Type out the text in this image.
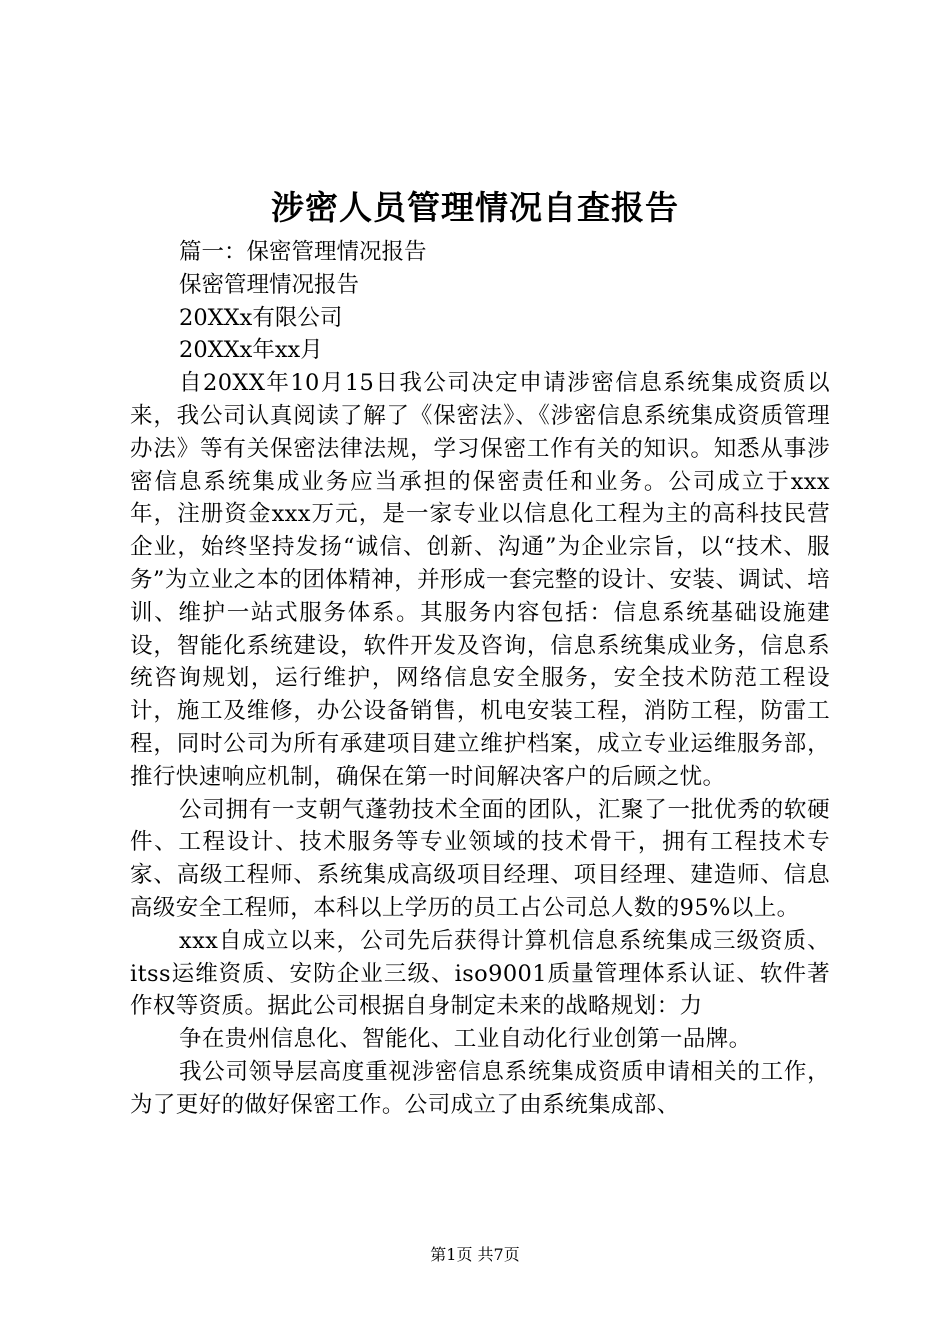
涉密人员管理情况自查报告

篇一：保密管理情况报告

保密管理情况报告

20XXx有限公司

20XXx年xx月

自20XX年10月15日我公司决定申请涉密信息系统集成资质以来，我公司认真阅读了解了《保密法》、《涉密信息系统集成资质管理办法》等有关保密法律法规，学习保密工作有关的知识。知悉从事涉密信息系统集成业务应当承担的保密责任和业务。公司成立于xxx年，注册资金xxx万元，是一家专业以信息化工程为主的高科技民营企业，始终坚持发扬“诚信、创新、沟通”为企业宗旨，以“技术、服务”为立业之本的团体精神，并形成一套完整的设计、安装、调试、培训、维护一站式服务体系。其服务内容包括：信息系统基础设施建设，智能化系统建设，软件开发及咨询，信息系统集成业务，信息系统咨询规划，运行维护，网络信息安全服务，安全技术防范工程设计，施工及维修，办公设备销售，机电安装工程，消防工程，防雷工程，同时公司为所有承建项目建立维护档案，成立专业运维服务部，推行快速响应机制，确保在第一时间解决客户的后顾之忧。

公司拥有一支朝气蓬勃技术全面的团队，汇聚了一批优秀的软硬件、工程设计、技术服务等专业领域的技术骨干，拥有工程技术专家、高级工程师、系统集成高级项目经理、项目经理、建造师、信息高级安全工程师，本科以上学历的员工占公司总人数的95%以上。

xxx自成立以来，公司先后获得计算机信息系统集成三级资质、itss运维资质、安防企业三级、iso9001质量管理体系认证、软件著作权等资质。据此公司根据自身制定未来的战略规划：力

争在贵州信息化、智能化、工业自动化行业创第一品牌。

我公司领导层高度重视涉密信息系统集成资质申请相关的工作，为了更好的做好保密工作。公司成立了由系统集成部、

第1页 共7页
